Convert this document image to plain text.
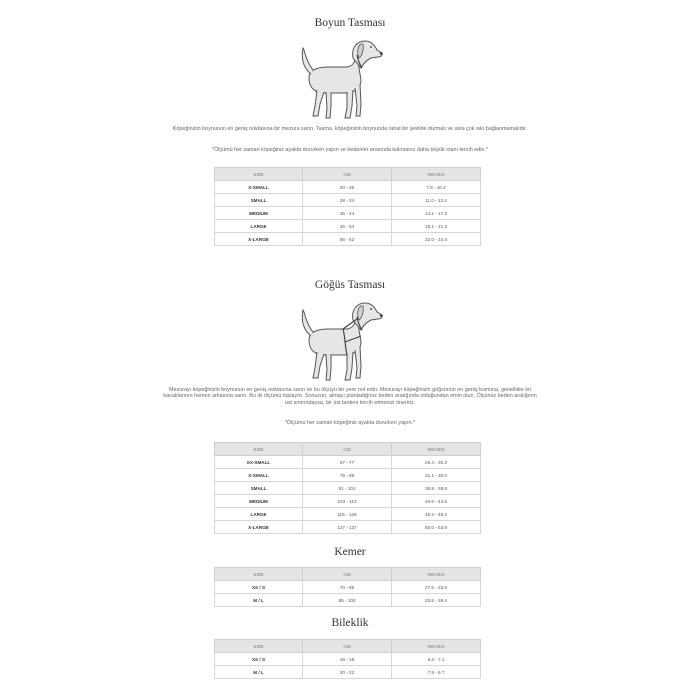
Boyun Tasması
Köpeğinizin boynunun en geniş noktasına bir mezura sarın. Tasma, köpeğinizin boynunda rahat bir şekilde durmalı ve asla çok sıkı bağlanmamalıdır.
*Ölçümü her zaman köpeğiniz ayakta dururken yapın ve bedenler arasında kalırsanız daha büyük olanı tercih edin.*
SIZE	CM	INCHES
X-SMALL	20 - 26	7.9 - 10.2
SMALL	28 - 34	11.0 - 13.4
MEDIUM	36 - 44	14.2 - 17.3
LARGE	46 - 54	18.1 - 21.3
X-LARGE	56 - 62	22.0 - 24.4
Göğüs Tasması
Mezurayı köpeğinizin boynunun en geniş noktasına sarın ve bu ölçüyü bir yere not edin. Mezurayı köpeğinizin göğsünün en geniş kısmına, genellikle ön bacaklarının hemen arkasına sarın. Bu iki ölçümü toplayın. Sonucun, almayı planladığınız beden aralığında olduğundan emin olun. Ölçünüz beden aralığının üst sınırındaysa, bir üst bedeni tercih etmenizi öneririz.
*Ölçümü her zaman köpeğiniz ayakta dururken yapın.*
SIZE	CM	INCHES
XX-SMALL	67 - 77	26.4 - 30.3
X-SMALL	79 - 89	31.1 - 35.0
SMALL	91 - 101	35.8 - 39.8
MEDIUM	103 - 113	40.6 - 44.5
LARGE	115 - 125	45.3 - 49.2
X-LARGE	127 - 137	50.0 - 53.9
Kemer
SIZE	CM	INCHES
XS / S	70 - 85	27.6 - 33.5
M / L	85 - 100	33.5 - 39.4
Bileklik
SIZE	CM	INCHES
XS / S	16 - 18	6.3 - 7.1
M / L	20 - 22	7.9 - 8.7
